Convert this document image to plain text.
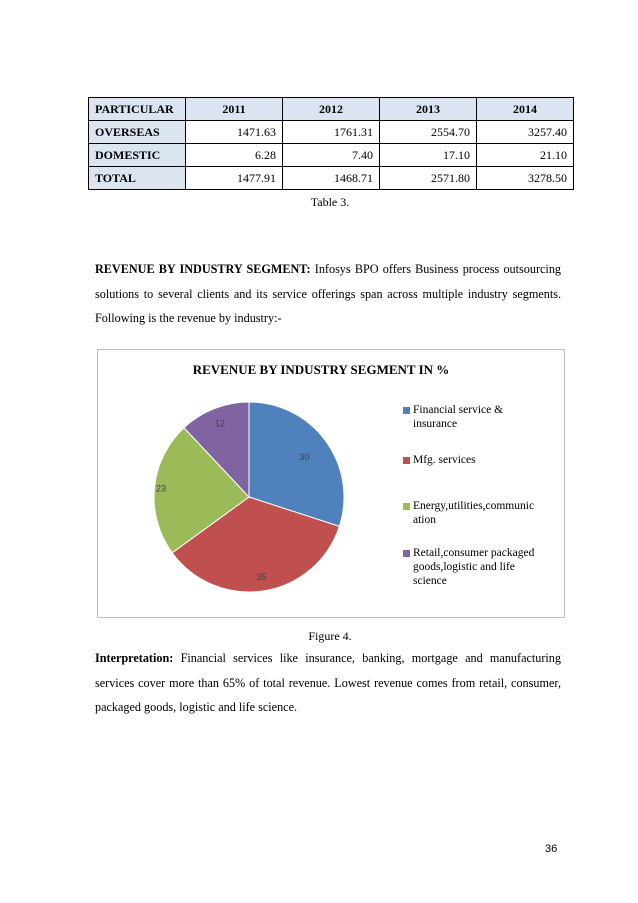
PARTICULAR	2011	2012	2013	2014
OVERSEAS	1471.63	1761.31	2554.70	3257.40
DOMESTIC	6.28	7.40	17.10	21.10
TOTAL	1477.91	1468.71	2571.80	3278.50
Table 3.
REVENUE BY INDUSTRY SEGMENT: Infosys BPO offers Business process outsourcing solutions to several clients and its service offerings span across multiple industry segments. Following is the revenue by industry:-
REVENUE BY INDUSTRY SEGMENT IN %
30
35
23
12
Financial service &
insurance
Mfg. services
Energy,utilities,communic
ation
Retail,consumer packaged
goods,logistic and life
science
Figure 4.
Interpretation: Financial services like insurance, banking, mortgage and manufacturing services cover more than 65% of total revenue. Lowest revenue comes from retail, consumer, packaged goods, logistic and life science.
36
